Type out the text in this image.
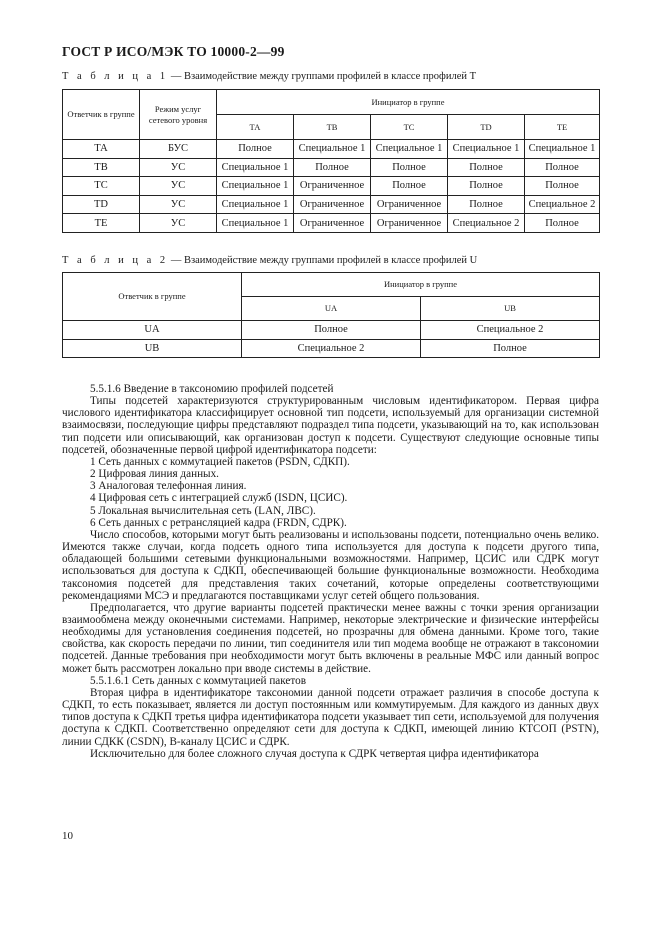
ГОСТ Р ИСО/МЭК ТО 10000-2—99
Т а б л и ц а 1 — Взаимодействие между группами профилей в классе профилей Т
Ответчик в группе	Режим услуг сетевого уровня	Инициатор в группе				
		ТА	ТВ	ТС	TD	ТЕ
ТА	БУС	Полное	Специальное 1	Специальное 1	Специальное 1	Специальное 1
ТВ	УС	Специальное 1	Полное	Полное	Полное	Полное
ТС	УС	Специальное 1	Ограниченное	Полное	Полное	Полное
TD	УС	Специальное 1	Ограниченное	Ограниченное	Полное	Специальное 2
ТЕ	УС	Специальное 1	Ограниченное	Ограниченное	Специальное 2	Полное
Т а б л и ц а 2 — Взаимодействие между группами профилей в классе профилей U
Ответчик в группе	Инициатор в группе	
	UA	UB
UA	Полное	Специальное 2
UB	Специальное 2	Полное

5.5.1.6 Введение в таксономию профилей подсетей

Типы подсетей характеризуются структурированным числовым идентификатором. Первая цифра числового идентификатора классифицирует основной тип подсети, используемый для организации системной взаимосвязи, последующие цифры представляют подраздел типа подсети, указывающий на то, как использован тип подсети или описывающий, как организован доступ к подсети. Существуют следующие основные типы подсетей, обозначенные первой цифрой идентификатора подсети:

1 Сеть данных с коммутацией пакетов (PSDN, СДКП).

2 Цифровая линия данных.

3 Аналоговая телефонная линия.

4 Цифровая сеть с интеграцией служб (ISDN, ЦСИС).

5 Локальная вычислительная сеть (LAN, ЛВС).

6 Сеть данных с ретрансляцией кадра (FRDN, СДРК).

Число способов, которыми могут быть реализованы и использованы подсети, потенциально очень велико. Имеются также случаи, когда подсеть одного типа используется для доступа к подсети другого типа, обладающей большими сетевыми функциональными возможностями. Например, ЦСИС или СДРК могут использоваться для доступа к СДКП, обеспечивающей большие функциональные возможности. Необходима таксономия подсетей для представления таких сочетаний, которые определены соответствующими рекомендациями МСЭ и предлагаются поставщиками услуг сетей общего пользования.

Предполагается, что другие варианты подсетей практически менее важны с точки зрения организации взаимообмена между оконечными системами. Например, некоторые электрические и физические интерфейсы необходимы для установления соединения подсетей, но прозрачны для обмена данными. Кроме того, такие свойства, как скорость передачи по линии, тип соединителя или тип модема вообще не отражают в таксономии подсетей. Данные требования при необходимости могут быть включены в реальные МФС или данный вопрос может быть рассмотрен локально при вводе системы в действие.

5.5.1.6.1 Сеть данных с коммутацией пакетов

Вторая цифра в идентификаторе таксономии данной подсети отражает различия в способе доступа к СДКП, то есть показывает, является ли доступ постоянным или коммутируемым. Для каждого из данных двух типов доступа к СДКП третья цифра идентификатора подсети указывает тип сети, используемой для получения доступа к СДКП. Соответственно определяют сети для доступа к СДКП, имеющей линию КТСОП (PSTN), линии СДКК (CSDN), В-каналу ЦСИС и СДРК.

Исключительно для более сложного случая доступа к СДРК четвертая цифра идентификатора

10
